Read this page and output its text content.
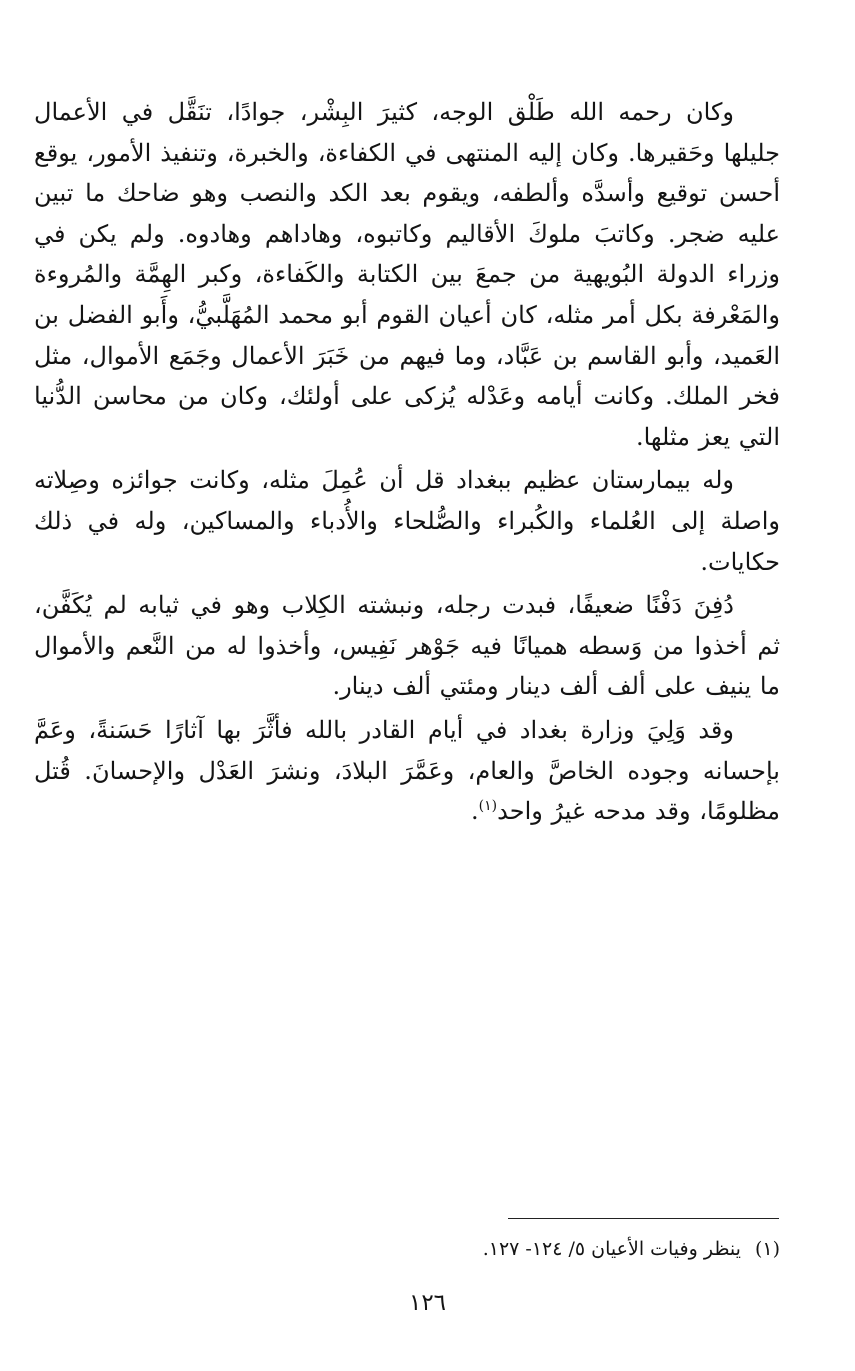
وكان رحمه الله طَلْق الوجه، كثيرَ البِشْر، جوادًا، تنَقَّل في الأعمال جليلها وحَقيرها. وكان إليه المنتهى في الكفاءة، والخبرة، وتنفيذ الأمور، يوقع أحسن توقيع وأسدَّه وألطفه، ويقوم بعد الكد والنصب وهو ضاحك ما تبين عليه ضجر. وكاتبَ ملوكَ الأقاليم وكاتبوه، وهاداهم وهادوه. ولم يكن في وزراء الدولة البُويهية من جمعَ بين الكتابة والكَفاءة، وكبر الهِمَّة والمُروءة والمَعْرفة بكل أمر مثله، كان أعيان القوم أبو محمد المُهَلَّبيُّ، وأَبو الفضل بن العَميد، وأبو القاسم بن عَبَّاد، وما فيهم من خَبَرَ الأعمال وجَمَع الأموال، مثل فخر الملك. وكانت أيامه وعَدْله يُزكى على أولئك، وكان من محاسن الدُّنيا التي يعز مثلها.

وله بيمارستان عظيم ببغداد قل أن عُمِلَ مثله، وكانت جوائزه وصِلاته واصلة إلى العُلماء والكُبراء والصُّلحاء والأُدباء والمساكين، وله في ذلك حكايات.

دُفِنَ دَفْنًا ضعيفًا، فبدت رجله، ونبشته الكِلاب وهو في ثيابه لم يُكَفَّن، ثم أخذوا من وَسطه هميانًا فيه جَوْهر نَفِيس، وأخذوا له من النَّعم والأموال ما ينيف على ألف ألف دينار ومئتي ألف دينار.

وقد وَلِيَ وزارة بغداد في أيام القادر بالله فأثَّرَ بها آثارًا حَسَنةً، وعَمَّ بإحسانه وجوده الخاصَّ والعام، وعَمَّرَ البلادَ، ونشرَ العَدْل والإحسانَ. قُتل مظلومًا، وقد مدحه غيرُ واحد$^{(١)}$.

(١)ينظر وفيات الأعيان ٥/ ١٢٤- ١٢٧.
١٢٦
